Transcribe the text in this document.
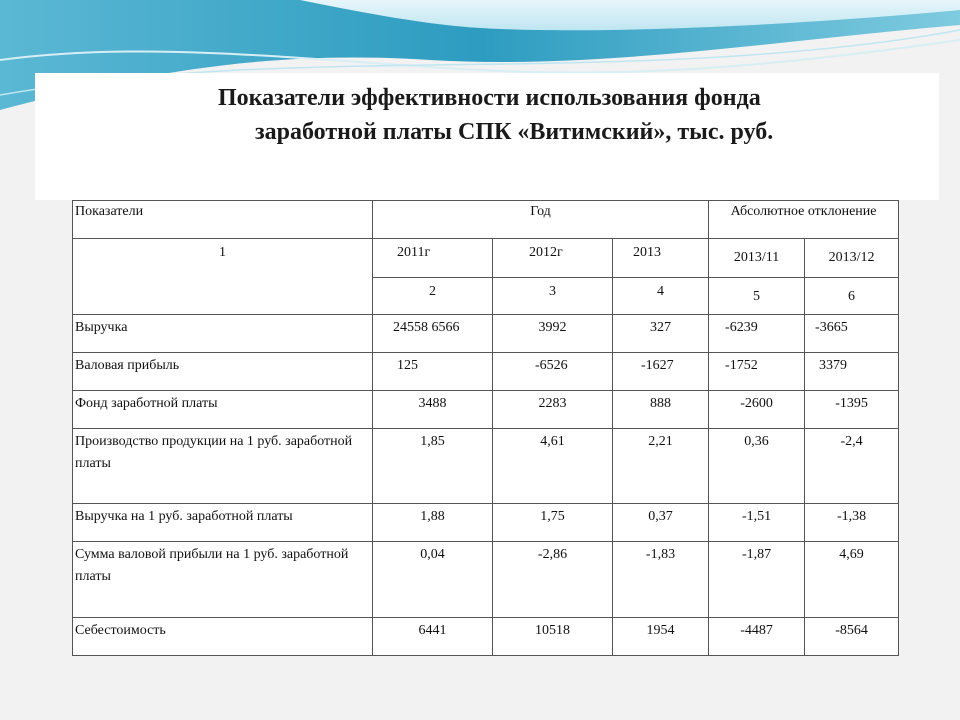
Показатели эффективности использования фонда
заработной платы СПК «Витимский», тыс. руб.
Показатели	Год			Абсолютное отклонение	

1	2011г	2012г	2013	2013/11	2013/12

	2	3	4	5	6

Выручка	24558 6566	3992	327	-6239	-3665

Валовая прибыль	125	-6526	-1627	-1752	3379

Фонд заработной платы	3488	2283	888	-2600	-1395

Производство продукции на 1 руб. заработной платы	1,85	4,61	2,21	0,36	-2,4

Выручка на 1 руб. заработной платы	1,88	1,75	0,37	-1,51	-1,38

Сумма валовой прибыли на 1 руб. заработной платы	0,04	-2,86	-1,83	-1,87	4,69

Себестоимость	6441	10518	1954	-4487	-8564
